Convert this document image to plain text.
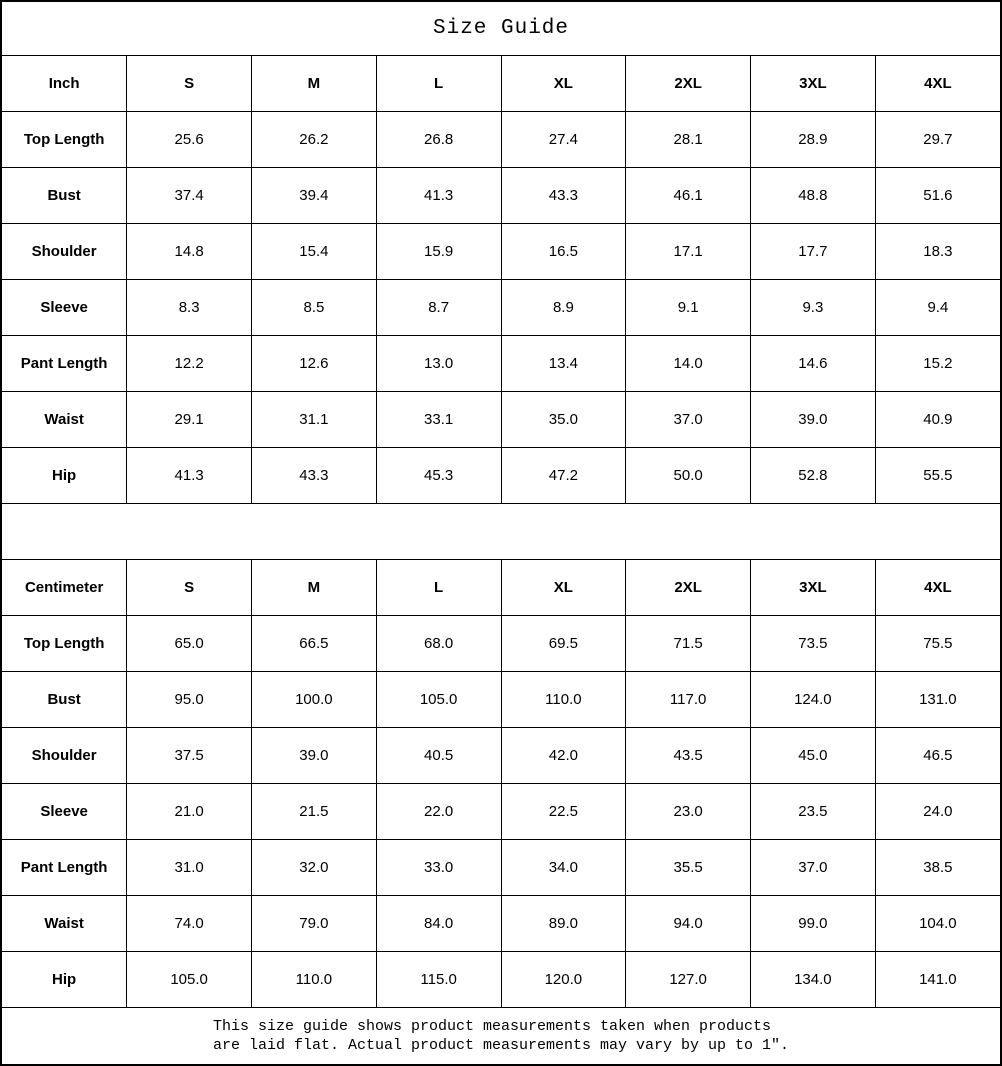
Size Guide
Inch	S	M	L	XL	2XL	3XL	4XL
Top Length	25.6	26.2	26.8	27.4	28.1	28.9	29.7
Bust	37.4	39.4	41.3	43.3	46.1	48.8	51.6
Shoulder	14.8	15.4	15.9	16.5	17.1	17.7	18.3
Sleeve	8.3	8.5	8.7	8.9	9.1	9.3	9.4
Pant Length	12.2	12.6	13.0	13.4	14.0	14.6	15.2
Waist	29.1	31.1	33.1	35.0	37.0	39.0	40.9
Hip	41.3	43.3	45.3	47.2	50.0	52.8	55.5
Centimeter	S	M	L	XL	2XL	3XL	4XL
Top Length	65.0	66.5	68.0	69.5	71.5	73.5	75.5
Bust	95.0	100.0	105.0	110.0	117.0	124.0	131.0
Shoulder	37.5	39.0	40.5	42.0	43.5	45.0	46.5
Sleeve	21.0	21.5	22.0	22.5	23.0	23.5	24.0
Pant Length	31.0	32.0	33.0	34.0	35.5	37.0	38.5
Waist	74.0	79.0	84.0	89.0	94.0	99.0	104.0
Hip	105.0	110.0	115.0	120.0	127.0	134.0	141.0
This size guide shows product measurements taken when products
are laid flat. Actual product measurements may vary by up to 1″.
